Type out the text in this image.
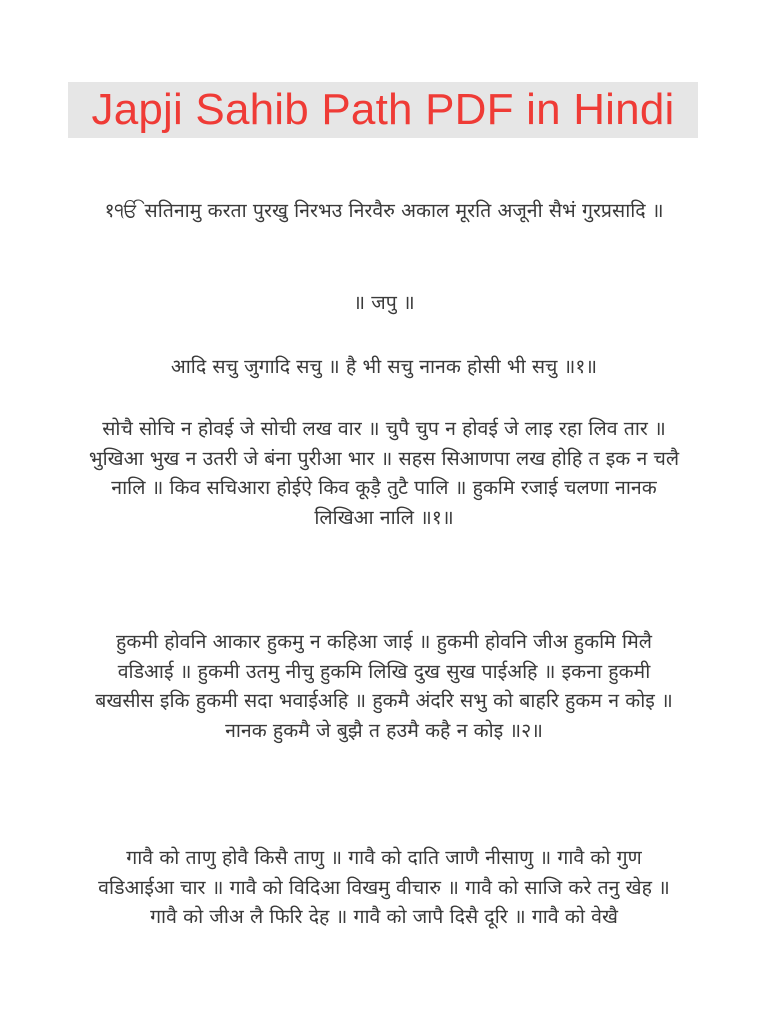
Japji Sahib Path PDF in Hindi

१ੴ सतिनामु करता पुरखु निरभउ निरवैरु अकाल मूरति अजूनी सैभं गुरप्रसादि ॥

॥ जपु ॥

आदि सचु जुगादि सचु ॥ है भी सचु नानक होसी भी सचु ॥१॥

सोचै सोचि न होवई जे सोची लख वार ॥ चुपै चुप न होवई जे लाइ रहा लिव तार ॥ भुखिआ भुख न उतरी जे बंना पुरीआ भार ॥ सहस सिआणपा लख होहि त इक न चलै नालि ॥ किव सचिआरा होईऐ किव कूड़ै तुटै पालि ॥ हुकमि रजाई चलणा नानक लिखिआ नालि ॥१॥

हुकमी होवनि आकार हुकमु न कहिआ जाई ॥ हुकमी होवनि जीअ हुकमि मिलै वडिआई ॥ हुकमी उतमु नीचु हुकमि लिखि दुख सुख पाईअहि ॥ इकना हुकमी बखसीस इकि हुकमी सदा भवाईअहि ॥ हुकमै अंदरि सभु को बाहरि हुकम न कोइ ॥ नानक हुकमै जे बुझै त हउमै कहै न कोइ ॥२॥

गावै को ताणु होवै किसै ताणु ॥ गावै को दाति जाणै नीसाणु ॥ गावै को गुण वडिआईआ चार ॥ गावै को विदिआ विखमु वीचारु ॥ गावै को साजि करे तनु खेह ॥ गावै को जीअ लै फिरि देह ॥ गावै को जापै दिसै दूरि ॥ गावै को वेखै
